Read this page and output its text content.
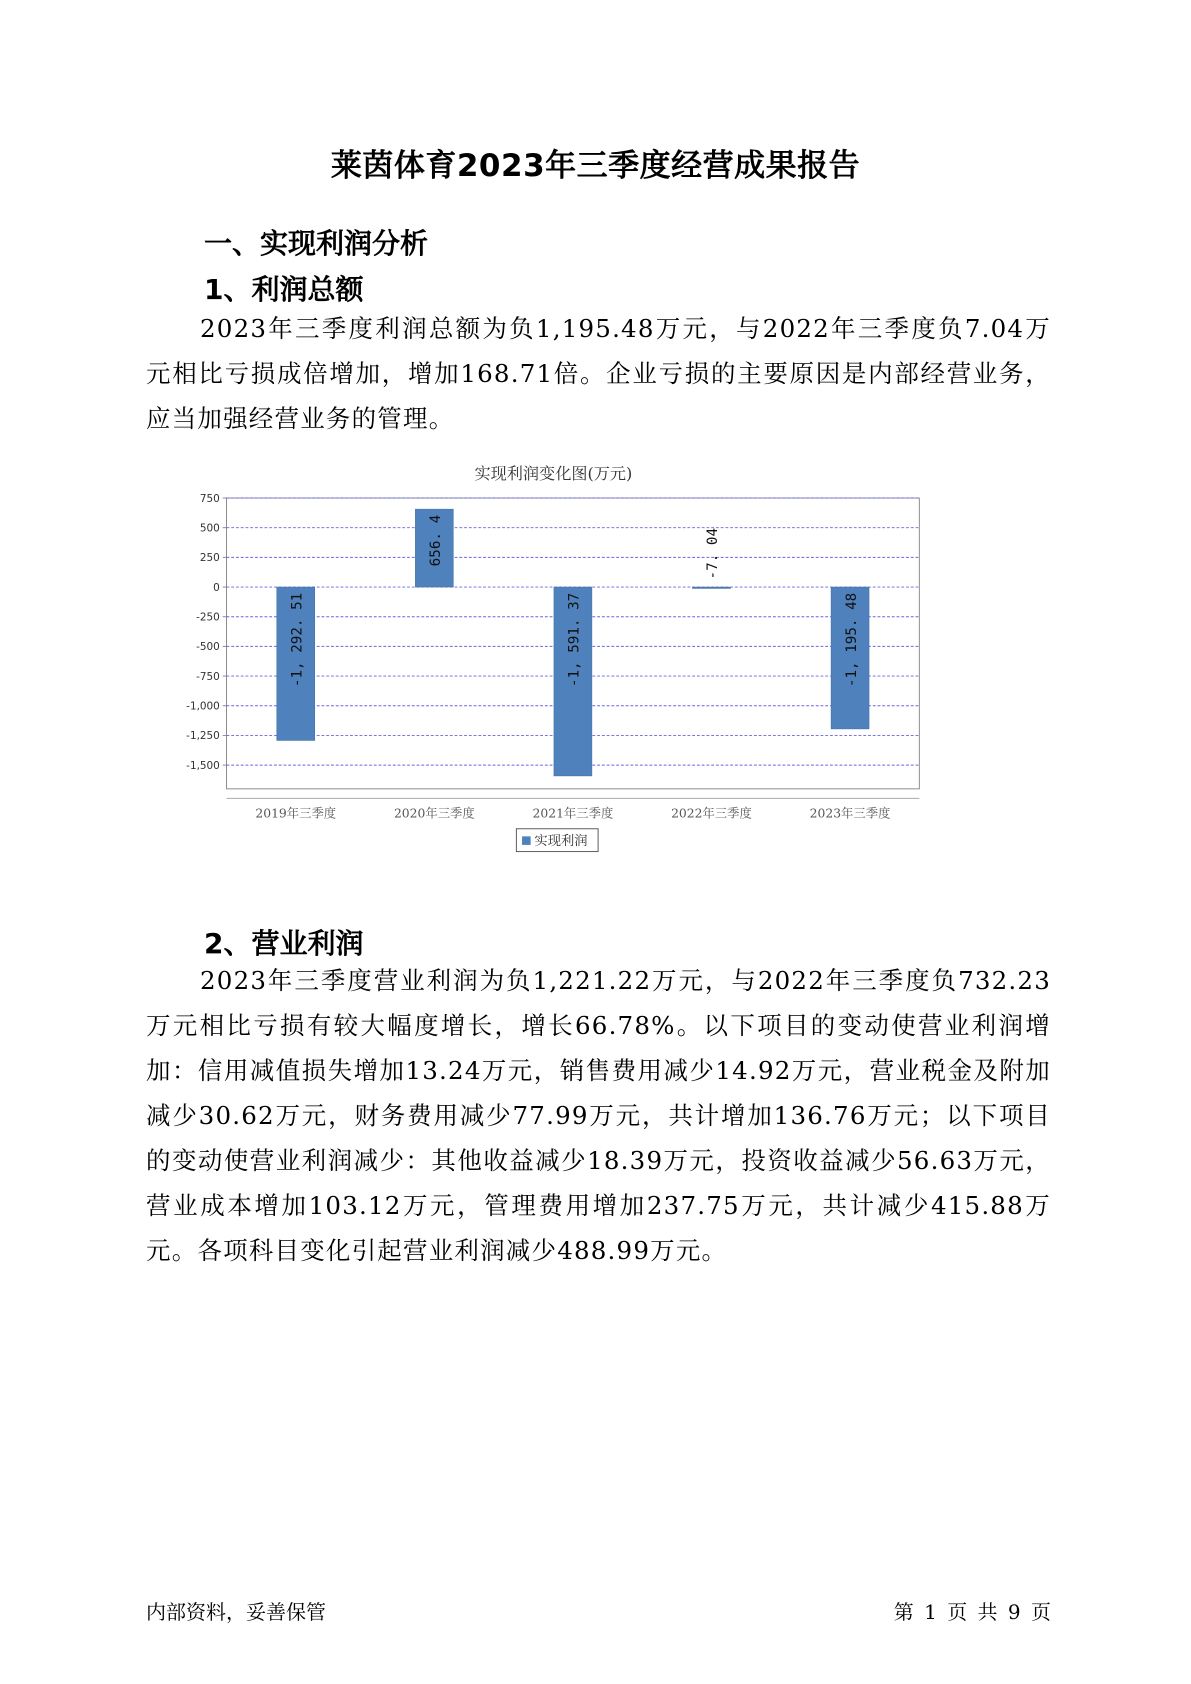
莱茵体育2023年三季度经营成果报告
一、实现利润分析
1、利润总额
2023年三季度利润总额为负1,195.48万元，与2022年三季度负7.04万元相比亏损成倍增加，增加168.71倍。企业亏损的主要原因是内部经营业务，应当加强经营业务的管理。
实现利润变化图(万元)
750
500
250
0
-250
-500
-750
-1,000
-1,250
-1,500
-1, 292. 51
2019年三季度
656. 4
2020年三季度
-1, 591. 37
2021年三季度
-7. 04
2022年三季度
-1, 195. 48
2023年三季度
实现利润
2、营业利润
2023年三季度营业利润为负1,221.22万元，与2022年三季度负732.23万元相比亏损有较大幅度增长，增长66.78%。以下项目的变动使营业利润增加：信用减值损失增加13.24万元，销售费用减少14.92万元，营业税金及附加减少30.62万元，财务费用减少77.99万元，共计增加136.76万元；以下项目的变动使营业利润减少：其他收益减少18.39万元，投资收益减少56.63万元，营业成本增加103.12万元，管理费用增加237.75万元，共计减少415.88万元。各项科目变化引起营业利润减少488.99万元。
内部资料，妥善保管	第 1 页 共 9 页
